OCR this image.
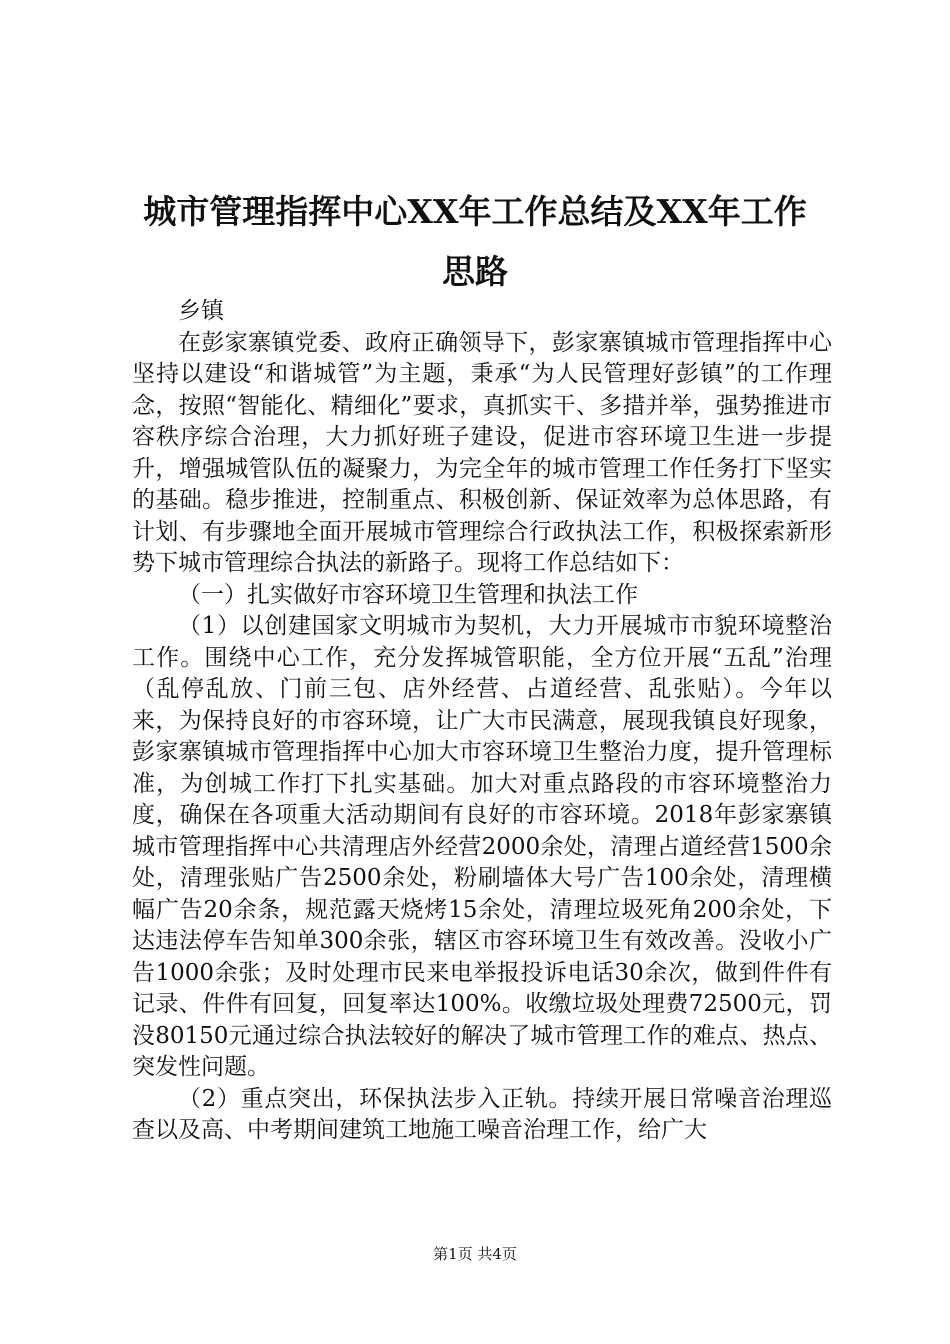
城市管理指挥中心XX年工作总结及XX年工作
思路

乡镇

在彭家寨镇党委、政府正确领导下，彭家寨镇城市管理指挥中心坚持以建设“和谐城管”为主题，秉承“为人民管理好彭镇”的工作理念，按照“智能化、精细化”要求，真抓实干、多措并举，强势推进市容秩序综合治理，大力抓好班子建设，促进市容环境卫生进一步提升，增强城管队伍的凝聚力，为完全年的城市管理工作任务打下坚实的基础。稳步推进，控制重点、积极创新、保证效率为总体思路，有计划、有步骤地全面开展城市管理综合行政执法工作，积极探索新形势下城市管理综合执法的新路子。现将工作总结如下：

（一）扎实做好市容环境卫生管理和执法工作

（1）以创建国家文明城市为契机，大力开展城市市貌环境整治工作。围绕中心工作，充分发挥城管职能，全方位开展“五乱”治理（乱停乱放、门前三包、店外经营、占道经营、乱张贴）。今年以来，为保持良好的市容环境，让广大市民满意，展现我镇良好现象，彭家寨镇城市管理指挥中心加大市容环境卫生整治力度，提升管理标准，为创城工作打下扎实基础。加大对重点路段的市容环境整治力度，确保在各项重大活动期间有良好的市容环境。2018年彭家寨镇城市管理指挥中心共清理店外经营2000余处，清理占道经营1500余处，清理张贴广告2500余处，粉刷墙体大号广告100余处，清理横幅广告20余条，规范露天烧烤15余处，清理垃圾死角200余处，下达违法停车告知单300余张，辖区市容环境卫生有效改善。没收小广告1000余张；及时处理市民来电举报投诉电话30余次，做到件件有记录、件件有回复，回复率达100%。收缴垃圾处理费72500元，罚没80150元通过综合执法较好的解决了城市管理工作的难点、热点、突发性问题。

（2）重点突出，环保执法步入正轨。持续开展日常噪音治理巡查以及高、中考期间建筑工地施工噪音治理工作，给广大

第1页 共4页
